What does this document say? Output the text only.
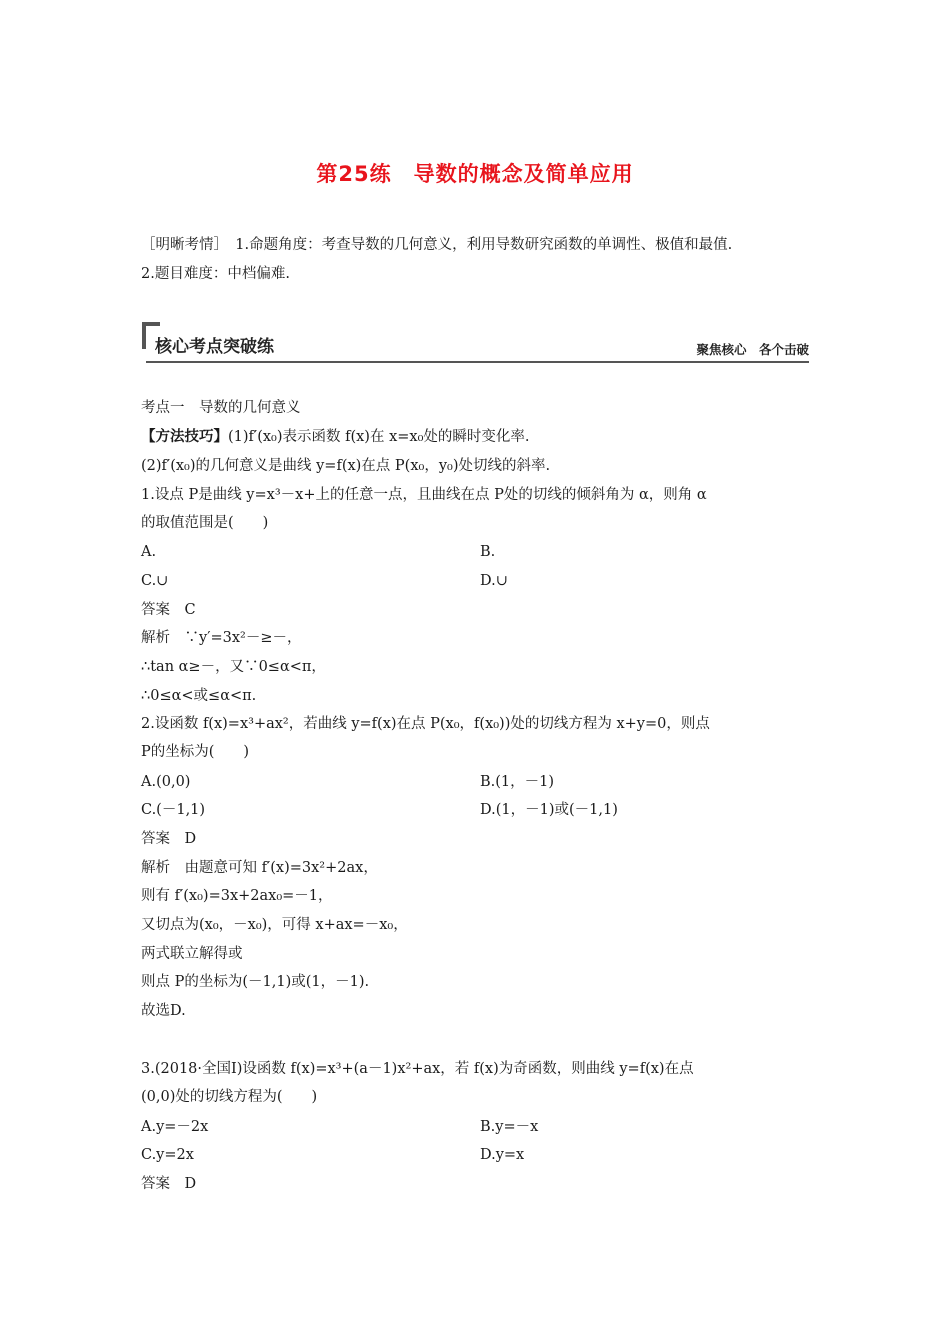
第25练　导数的概念及简单应用
［明晰考情］　1.命题角度：考查导数的几何意义，利用导数研究函数的单调性、极值和最值.
2.题目难度：中档偏难.
核心考点突破练	聚焦核心　各个击破
考点一　导数的几何意义
【方法技巧】(1)f′(x₀)表示函数 f(x)在 x=x₀处的瞬时变化率.
(2)f′(x₀)的几何意义是曲线 y=f(x)在点 P(x₀，y₀)处切线的斜率.
1.设点 P是曲线 y=x³－x+上的任意一点，且曲线在点 P处的切线的倾斜角为 α，则角 α
的取值范围是(　　)
A.	B.
C.∪	D.∪
答案　C
解析　∵y′=3x²－≥－，
∴tan α≥－，又∵0≤α<π，
∴0≤α<或≤α<π.
2.设函数 f(x)=x³+ax²，若曲线 y=f(x)在点 P(x₀，f(x₀))处的切线方程为 x+y=0，则点
P的坐标为(　　)
A.(0,0)	B.(1，－1)
C.(－1,1)	D.(1，－1)或(－1,1)
答案　D
解析　由题意可知 f′(x)=3x²+2ax，
则有 f′(x₀)=3x+2ax₀=－1，
又切点为(x₀，－x₀)，可得 x+ax=－x₀，
两式联立解得或
则点 P的坐标为(－1,1)或(1，－1).
故选D.
3.(2018·全国Ⅰ)设函数 f(x)=x³+(a－1)x²+ax，若 f(x)为奇函数，则曲线 y=f(x)在点
(0,0)处的切线方程为(　　)
A.y=－2x	B.y=－x
C.y=2x	D.y=x
答案　D
